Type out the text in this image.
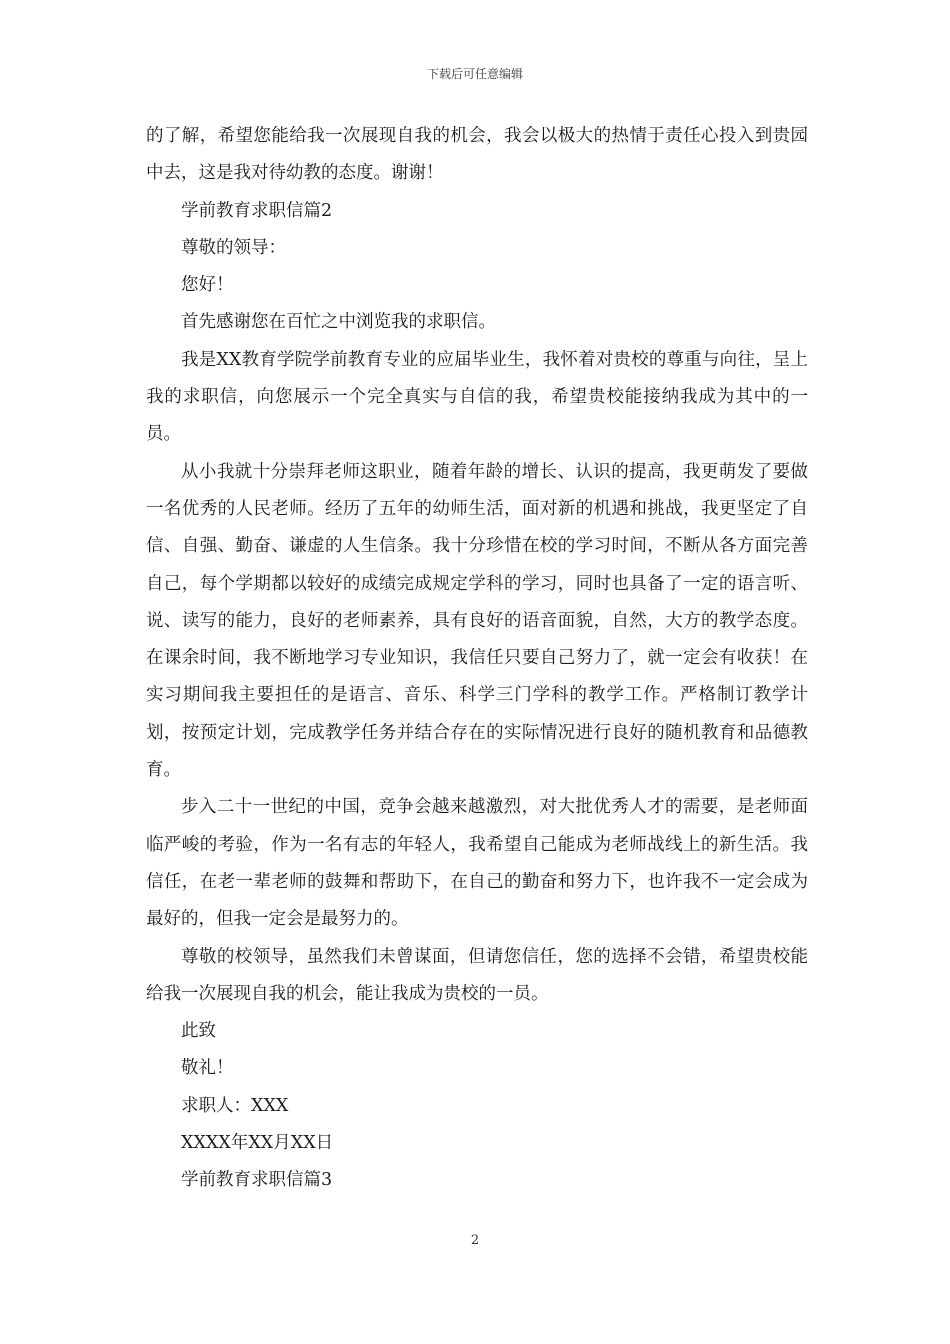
下载后可任意编辑

的了解，希望您能给我一次展现自我的机会，我会以极大的热情于责任心投入到贵园中去，这是我对待幼教的态度。谢谢！

学前教育求职信篇2

尊敬的领导：

您好！

首先感谢您在百忙之中浏览我的求职信。

我是XX教育学院学前教育专业的应届毕业生，我怀着对贵校的尊重与向往，呈上我的求职信，向您展示一个完全真实与自信的我，希望贵校能接纳我成为其中的一员。

从小我就十分崇拜老师这职业，随着年龄的增长、认识的提高，我更萌发了要做一名优秀的人民老师。经历了五年的幼师生活，面对新的机遇和挑战，我更坚定了自信、自强、勤奋、谦虚的人生信条。我十分珍惜在校的学习时间，不断从各方面完善自己，每个学期都以较好的成绩完成规定学科的学习，同时也具备了一定的语言听、说、读写的能力，良好的老师素养，具有良好的语音面貌，自然，大方的教学态度。在课余时间，我不断地学习专业知识，我信任只要自己努力了，就一定会有收获！在实习期间我主要担任的是语言、音乐、科学三门学科的教学工作。严格制订教学计划，按预定计划，完成教学任务并结合存在的实际情况进行良好的随机教育和品德教育。

步入二十一世纪的中国，竞争会越来越激烈，对大批优秀人才的需要，是老师面临严峻的考验，作为一名有志的年轻人，我希望自己能成为老师战线上的新生活。我信任，在老一辈老师的鼓舞和帮助下，在自己的勤奋和努力下，也许我不一定会成为最好的，但我一定会是最努力的。

尊敬的校领导，虽然我们未曾谋面，但请您信任，您的选择不会错，希望贵校能给我一次展现自我的机会，能让我成为贵校的一员。

此致

敬礼！

求职人：XXX

XXXX年XX月XX日

学前教育求职信篇3

2
